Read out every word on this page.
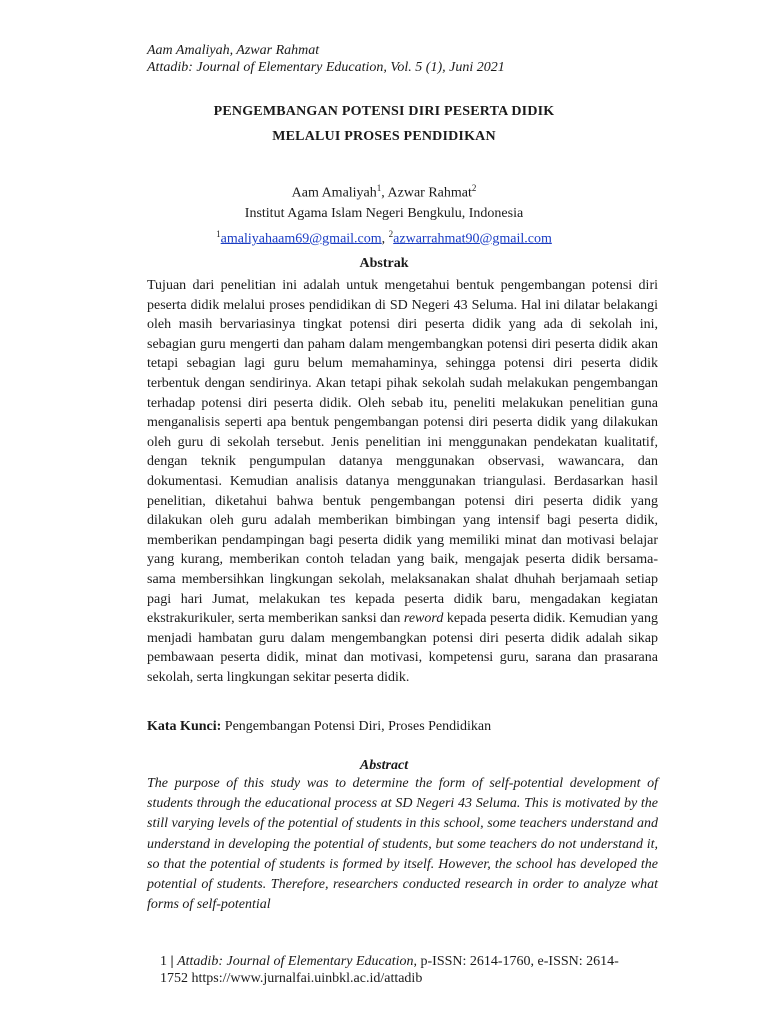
Aam Amaliyah, Azwar Rahmat
Attadib: Journal of Elementary Education, Vol. 5 (1), Juni 2021
PENGEMBANGAN POTENSI DIRI PESERTA DIDIK
MELALUI PROSES PENDIDIKAN
Aam Amaliyah$^1$, Azwar Rahmat$^2$
Institut Agama Islam Negeri Bengkulu, Indonesia
$^1$amaliyahaam69@gmail.com, $^2$azwarrahmat90@gmail.com
Abstrak

Tujuan dari penelitian ini adalah untuk mengetahui bentuk pengembangan potensi diri peserta didik melalui proses pendidikan di SD Negeri 43 Seluma. Hal ini dilatar belakangi oleh masih bervariasinya tingkat potensi diri peserta didik yang ada di sekolah ini, sebagian guru mengerti dan paham dalam mengembangkan potensi diri peserta didik akan tetapi sebagian lagi guru belum memahaminya, sehingga potensi diri peserta didik terbentuk dengan sendirinya. Akan tetapi pihak sekolah sudah melakukan pengembangan terhadap potensi diri peserta didik. Oleh sebab itu, peneliti melakukan penelitian guna menganalisis seperti apa bentuk pengembangan potensi diri peserta didik yang dilakukan oleh guru di sekolah tersebut. Jenis penelitian ini menggunakan pendekatan kualitatif, dengan teknik pengumpulan datanya menggunakan observasi, wawancara, dan dokumentasi. Kemudian analisis datanya menggunakan triangulasi. Berdasarkan hasil penelitian, diketahui bahwa bentuk pengembangan potensi diri peserta didik yang dilakukan oleh guru adalah memberikan bimbingan yang intensif bagi peserta didik, memberikan pendampingan bagi peserta didik yang memiliki minat dan motivasi belajar yang kurang, memberikan contoh teladan yang baik, mengajak peserta didik bersama- sama membersihkan lingkungan sekolah, melaksanakan shalat dhuhah berjamaah setiap pagi hari Jumat, melakukan tes kepada peserta didik baru, mengadakan kegiatan ekstrakurikuler, serta memberikan sanksi dan reword kepada peserta didik. Kemudian yang menjadi hambatan guru dalam mengembangkan potensi diri peserta didik adalah sikap pembawaan peserta didik, minat dan motivasi, kompetensi guru, sarana dan prasarana sekolah, serta lingkungan sekitar peserta didik.

Kata Kunci: Pengembangan Potensi Diri, Proses Pendidikan
Abstract

The purpose of this study was to determine the form of self-potential development of students through the educational process at SD Negeri 43 Seluma. This is motivated by the still varying levels of the potential of students in this school, some teachers understand and understand in developing the potential of students, but some teachers do not understand it, so that the potential of students is formed by itself. However, the school has developed the potential of students. Therefore, researchers conducted research in order to analyze what forms of self-potential

1 | Attadib: Journal of Elementary Education, p-ISSN: 2614-1760, e-ISSN: 2614-1752 https://www.jurnalfai.uinbkl.ac.id/attadib
